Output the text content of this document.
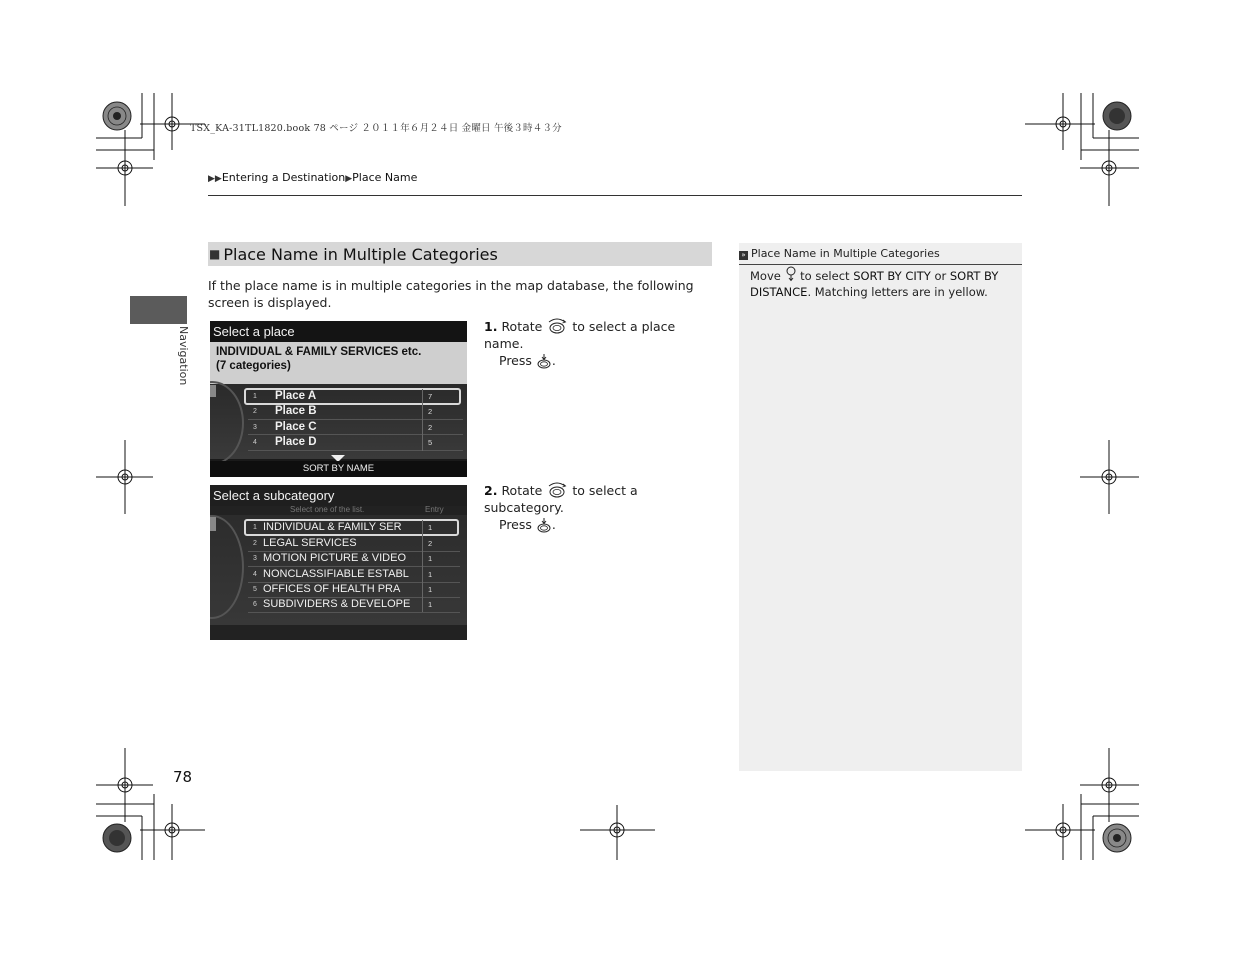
TSX_KA-31TL1820.book 78 ページ ２０１１年６月２４日 金曜日 午後３時４３分
▶▶Entering a Destination▶Place Name
Navigation
■ Place Name in Multiple Categories
If the place name is in multiple categories in the map database, the following screen is displayed.
Select a place
INDIVIDUAL & FAMILY SERVICES etc.
(7 categories)
1	Place A	7
2	Place B	2
3	Place C	2
4	Place D	5
SORT BY NAME
Select a subcategory
Select one of the list.	Entry
1 INDIVIDUAL & FAMILY SER	1
2 LEGAL SERVICES	2
3 MOTION PICTURE & VIDEO	1
4 NONCLASSIFIABLE ESTABL	1
5 OFFICES OF HEALTH PRA	1
6 SUBDIVIDERS & DEVELOPE 1
1. Rotate to select a place name.
Press .
2. Rotate to select a subcategory.
Press .
» Place Name in Multiple Categories
Move to select SORT BY CITY or SORT BY DISTANCE. Matching letters are in yellow.
78
